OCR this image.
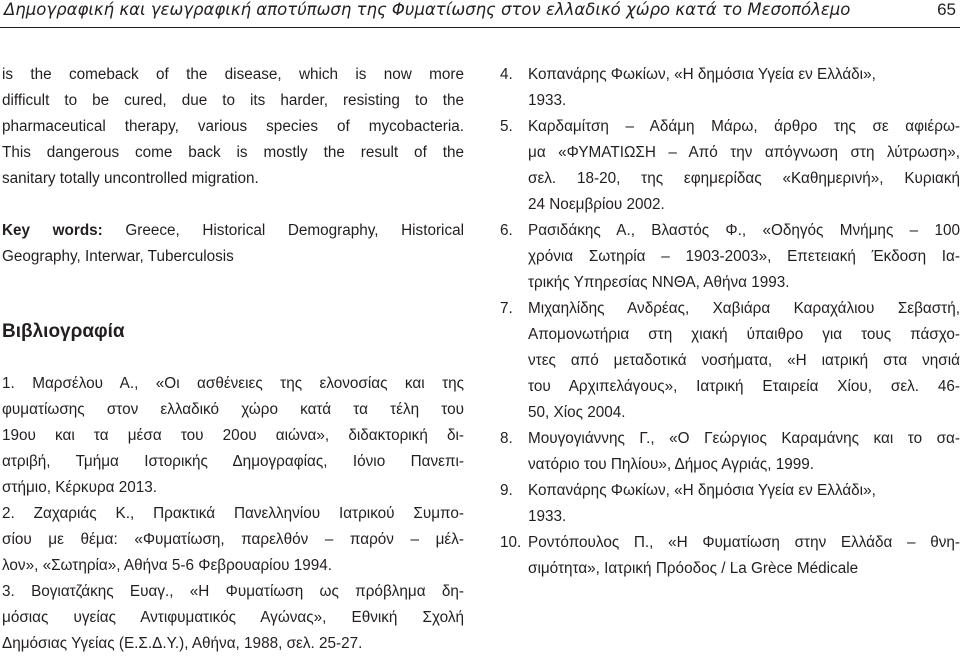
Δημογραφική και γεωγραφική αποτύπωση της Φυματίωσης στον ελλαδικό χώρο κατά το Μεσοπόλεμο	65
is the comeback of the disease, which is now more
difficult to be cured, due to its harder, resisting to the
pharmaceutical therapy, various species of mycobacteria.
This dangerous come back is mostly the result of the
sanitary totally uncontrolled migration.
Key words: Greece, Historical Demography, Historical
Geography, Interwar, Tuberculosis
Βιβλιογραφία
1. Μαρσέλου Α., «Οι ασθένειες της ελονοσίας και της
φυματίωσης στον ελλαδικό χώρο κατά τα τέλη του
19ου και τα μέσα του 20ου αιώνα», διδακτορική δι-
ατριβή, Τμήμα Ιστορικής Δημογραφίας, Ιόνιο Πανεπι-
στήμιο, Κέρκυρα 2013.
2. Ζαχαριάς Κ., Πρακτικά Πανελληνίου Ιατρικού Συμπο-
σίου με θέμα: «Φυματίωση, παρελθόν – παρόν – μέλ-
λον», «Σωτηρία», Αθήνα 5-6 Φεβρουαρίου 1994.
3. Βογιατζάκης Ευαγ., «Η Φυματίωση ως πρόβλημα δη-
μόσιας υγείας Αντιφυματικός Αγώνας», Εθνική Σχολή
Δημόσιας Υγείας (Ε.Σ.Δ.Υ.), Αθήνα, 1988, σελ. 25-27.
4. Κοπανάρης Φωκίων, «Η δημόσια Υγεία εν Ελλάδι»,
1933.
5. Καρδαμίτση – Αδάμη Μάρω, άρθρο της σε αφιέρω-
μα «ΦΥΜΑΤΙΩΣΗ – Από την απόγνωση στη λύτρωση»,
σελ. 18-20, της εφημερίδας «Καθημερινή», Κυριακή
24 Νοεμβρίου 2002.
6. Ρασιδάκης Α., Βλαστός Φ., «Οδηγός Μνήμης – 100
χρόνια Σωτηρία – 1903-2003», Επετειακή Έκδοση Ια-
τρικής Υπηρεσίας ΝΝΘΑ, Αθήνα 1993.
7. Μιχαηλίδης Ανδρέας, Χαβιάρα Καραχάλιου Σεβαστή,
Απομονωτήρια στη χιακή ύπαιθρο για τους πάσχο-
ντες από μεταδοτικά νοσήματα, «Η ιατρική στα νησιά
του Αρχιπελάγους», Ιατρική Εταιρεία Χίου, σελ. 46-
50, Χίος 2004.
8. Μουγογιάννης Γ., «Ο Γεώργιος Καραμάνης και το σα-
νατόριο του Πηλίου», Δήμος Αγριάς, 1999.
9. Κοπανάρης Φωκίων, «Η δημόσια Υγεία εν Ελλάδι»,
1933.
10. Ροντόπουλος Π., «Η Φυματίωση στην Ελλάδα – θνη-
σιμότητα», Ιατρική Πρόοδος / La Grèce Médicale
